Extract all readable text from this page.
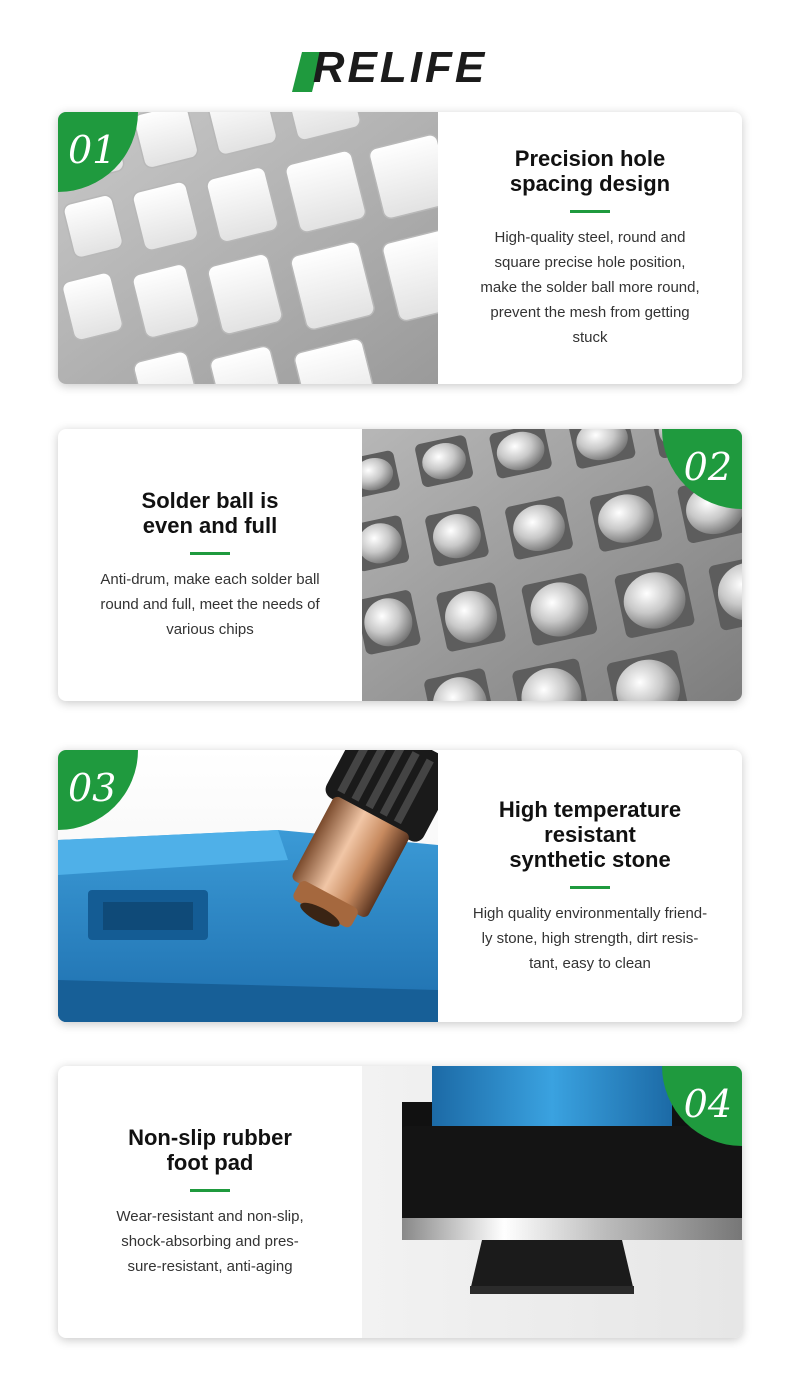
RELIFE
01	Precision hole
spacing design
High-quality steel, round and
square precise hole position,
make the solder ball more round,
prevent the mesh from getting
stuck
02
Solder ball is
even and full
Anti-drum, make each solder ball
round and full, meet the needs of
various chips
03	High temperature
resistant
synthetic stone
High quality environmentally friend-
ly stone, high strength, dirt resis-
tant, easy to clean
04
Non-slip rubber
foot pad
Wear-resistant and non-slip,
shock-absorbing and pres-
sure-resistant, anti-aging
